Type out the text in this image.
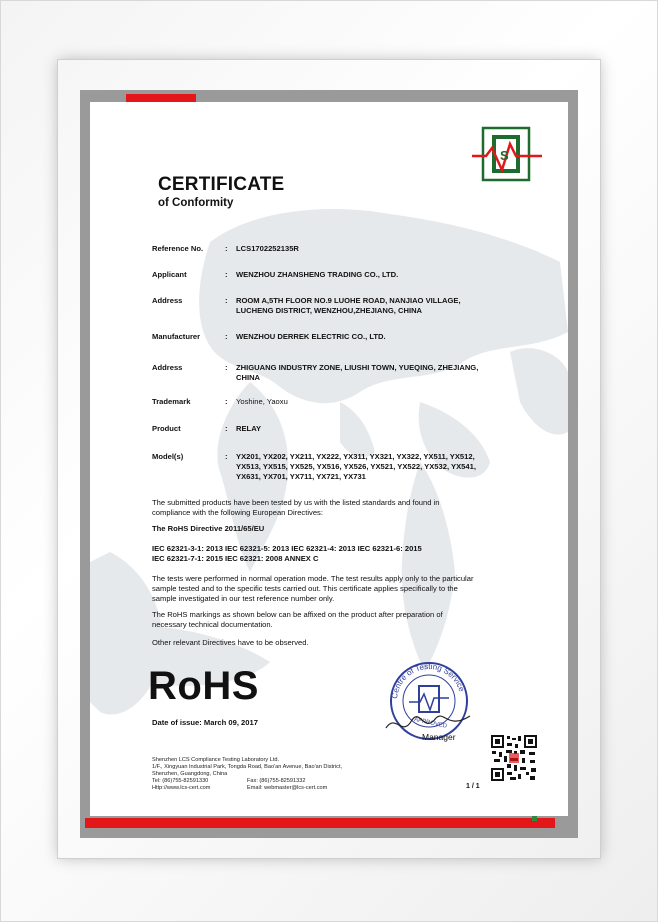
S
CERTIFICATE
of Conformity
Reference No.	: LCS1702252135R
Applicant	: WENZHOU ZHANSHENG TRADING CO., LTD.
Address	: ROOM A,5TH FLOOR NO.9 LUOHE ROAD, NANJIAO VILLAGE,
LUCHENG DISTRICT, WENZHOU,ZHEJIANG, CHINA
Manufacturer	: WENZHOU DERREK ELECTRIC CO., LTD.
Address	: ZHIGUANG INDUSTRY ZONE, LIUSHI TOWN, YUEQING, ZHEJIANG,
CHINA
Trademark	: Yoshine, Yaoxu
Product	: RELAY
Model(s)	: YX201, YX202, YX211, YX222, YX311, YX321, YX322, YX511, YX512,
YX513, YX515, YX525, YX516, YX526, YX521, YX522, YX532, YX541,
YX631, YX701, YX711, YX721, YX731
The submitted products have been tested by us with the listed standards and found in
compliance with the following European Directives:
The RoHS Directive 2011/65/EU
IEC 62321-3-1: 2013 IEC 62321-5: 2013 IEC 62321-4: 2013 IEC 62321-6: 2015
IEC 62321-7-1: 2015 IEC 62321: 2008 ANNEX C
The tests were performed in normal operation mode. The test results apply only to the particular
sample tested and to the specific tests carried out. This certificate applies specifically to the
sample investigated in our test reference number only.
The RoHS markings as shown below can be affixed on the product after preparation of
necessary technical documentation.
Other relevant Directives have to be observed.
RoHS
Date of issue: March 09, 2017
Centre of Testing Service
APPROVED
Manager
Shenzhen LCS Compliance Testing Laboratory Ltd.
1/F., Xingyuan Industrial Park, Tongda Road, Bao'an Avenue, Bao'an District,
Shenzhen, Guangdong, China
Tel: (86)755-82591330	Fax: (86)755-82591332
Http://www.lcs-cert.com	Email: webmaster@lcs-cert.com	1 / 1
